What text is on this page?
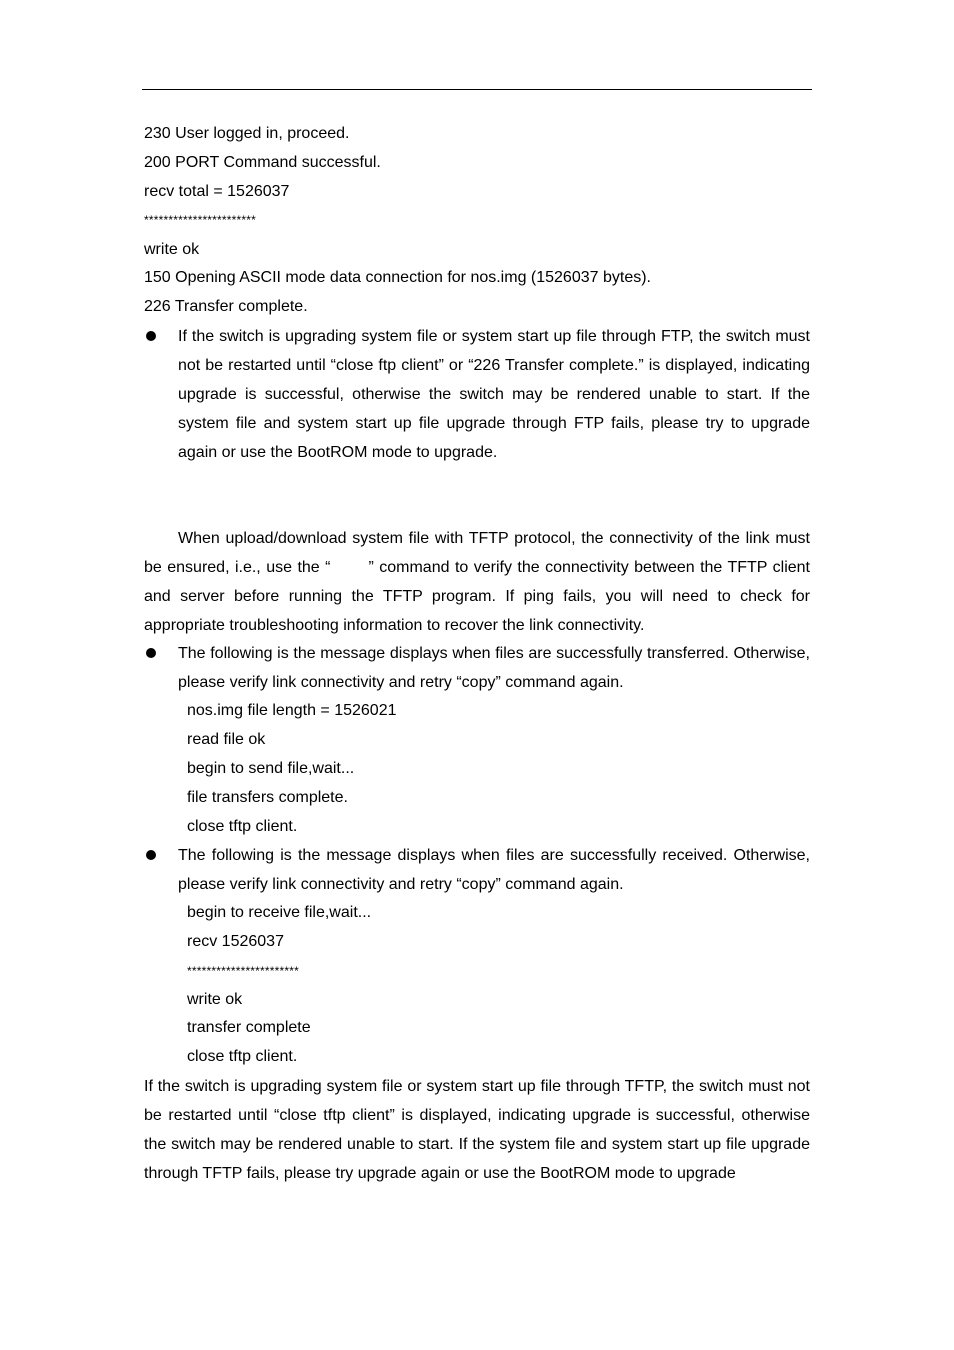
230 User logged in, proceed.
200 PORT Command successful.
recv total = 1526037
***********************
write ok
150 Opening ASCII mode data connection for nos.img (1526037 bytes).
226 Transfer complete.
If the switch is upgrading system file or system start up file through FTP, the switch must not be restarted until “close ftp client” or “226 Transfer complete.” is displayed, indicating upgrade is successful, otherwise the switch may be rendered unable to start. If the system file and system start up file upgrade through FTP fails, please try to upgrade again or use the BootROM mode to upgrade.
When upload/download system file with TFTP protocol, the connectivity of the link must be ensured, i.e., use the “ ” command to verify the connectivity between the TFTP client and server before running the TFTP program. If ping fails, you will need to check for appropriate troubleshooting information to recover the link connectivity.
The following is the message displays when files are successfully transferred. Otherwise, please verify link connectivity and retry “copy” command again.
nos.img file length = 1526021
read file ok
begin to send file,wait...
file transfers complete.
close tftp client.
The following is the message displays when files are successfully received. Otherwise, please verify link connectivity and retry “copy” command again.
begin to receive file,wait...
recv 1526037
***********************
write ok
transfer complete
close tftp client.
If the switch is upgrading system file or system start up file through TFTP, the switch must not be restarted until “close tftp client” is displayed, indicating upgrade is successful, otherwise the switch may be rendered unable to start. If the system file and system start up file upgrade through TFTP fails, please try upgrade again or use the BootROM mode to upgrade
